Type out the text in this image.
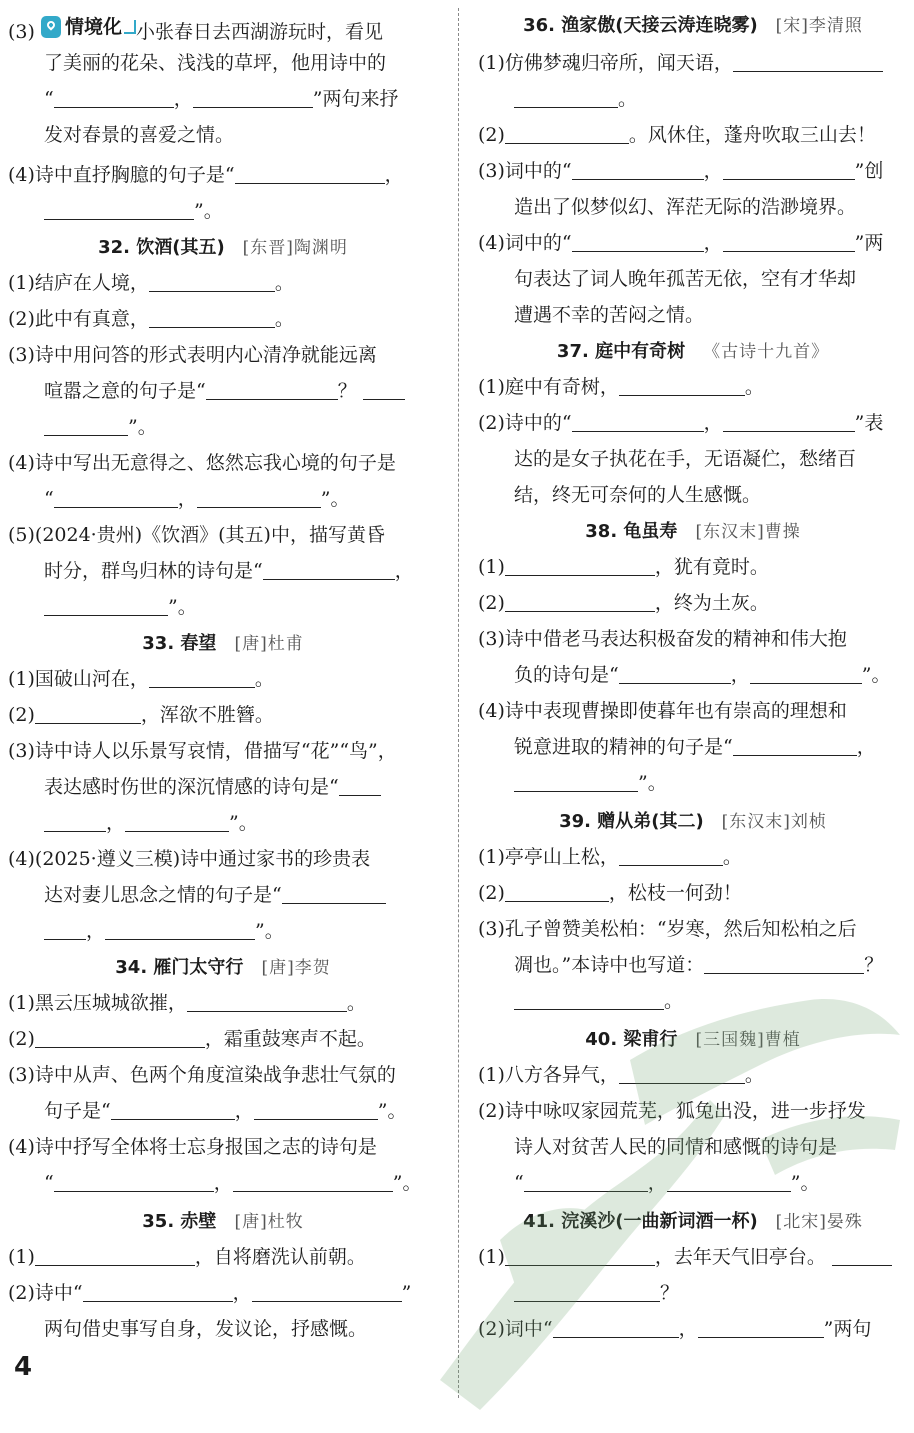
(3) 情境化 小张春日去西湖游玩时，看见
了美丽的花朵、浅浅的草坪，他用诗中的
“	，	”两句来抒
发对春景的喜爱之情。
(4)诗中直抒胸臆的句子是“	，
”。
32. 饮酒(其五) [东晋]陶渊明
(1)结庐在人境，	。
(2)此中有真意，	。
(3)诗中用问答的形式表明内心清净就能远离
喧嚣之意的句子是“	？
”。
(4)诗中写出无意得之、悠然忘我心境的句子是
“	，	”。
(5)(2024·贵州)《饮酒》(其五)中，描写黄昏
时分，群鸟归林的诗句是“	，
”。
33. 春望 [唐]杜甫
(1)国破山河在，	。
(2)	，浑欲不胜簪。
(3)诗中诗人以乐景写哀情，借描写“花”“鸟”，
表达感时伤世的深沉情感的诗句是“
，	”。
(4)(2025·遵义三模)诗中通过家书的珍贵表
达对妻儿思念之情的句子是“
，	”。
34. 雁门太守行 [唐]李贺
(1)黑云压城城欲摧，	。
(2)	，霜重鼓寒声不起。
(3)诗中从声、色两个角度渲染战争悲壮气氛的
句子是“	，	”。
(4)诗中抒写全体将士忘身报国之志的诗句是
“	，	”。
35. 赤壁 [唐]杜牧
(1)	，自将磨洗认前朝。
(2)诗中“	，	”
两句借史事写自身，发议论，抒感慨。
36. 渔家傲(天接云涛连晓雾) [宋]李清照
(1)仿佛梦魂归帝所，闻天语，
。
(2)	。风休住，蓬舟吹取三山去！
(3)词中的“	，	”创
造出了似梦似幻、浑茫无际的浩渺境界。
(4)词中的“	，	”两
句表达了词人晚年孤苦无依，空有才华却
遭遇不幸的苦闷之情。
37. 庭中有奇树 《古诗十九首》
(1)庭中有奇树，	。
(2)诗中的“	，	”表
达的是女子执花在手，无语凝伫，愁绪百
结，终无可奈何的人生感慨。
38. 龟虽寿 [东汉末]曹操
(1)	，犹有竟时。
(2)	，终为土灰。
(3)诗中借老马表达积极奋发的精神和伟大抱
负的诗句是“	，	”。
(4)诗中表现曹操即使暮年也有崇高的理想和
锐意进取的精神的句子是“	，
”。
39. 赠从弟(其二) [东汉末]刘桢
(1)亭亭山上松，	。
(2)	，松枝一何劲！
(3)孔子曾赞美松柏：“岁寒，然后知松柏之后
凋也。”本诗中也写道：	？
。
40. 梁甫行 [三国魏]曹植
(1)八方各异气，	。
(2)诗中咏叹家园荒芜，狐兔出没，进一步抒发
诗人对贫苦人民的同情和感慨的诗句是
“	，	”。
41. 浣溪沙(一曲新词酒一杯) [北宋]晏殊
(1)	，去年天气旧亭台。
？
(2)词中“	，	”两句
4
